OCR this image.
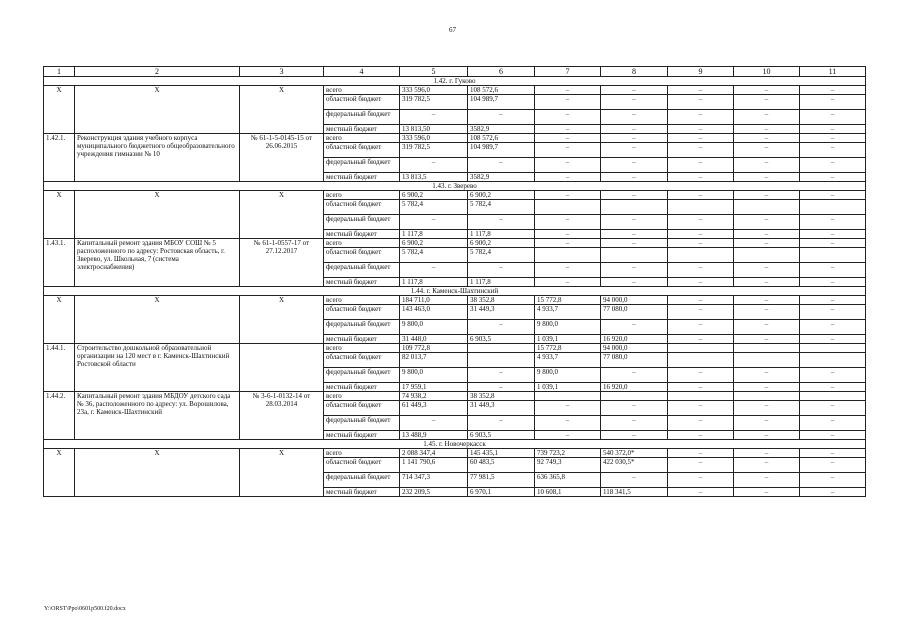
67
1	2	3	4	5	6	7	8	9	10	11
1.42. г. Гуково										
Х	Х	Х	всего	333 596,0	108 572,6	–	–	–	–	–
			областной бюджет	319 782,5	104 989,7	–	–	–	–	–
			федеральный бюджет	–	–	–	–	–	–	–
			местный бюджет	13 813,50	3582,9	–	–	–	–	–
1.42.1.	Реконструкция здания учебного корпуса муниципального бюджетного общеобразовательного учреждения гимназии № 10	№ 61-1-5-0145-15 от 26.06.2015	всего	333 596,0	108 572,6	–	–	–	–	–
			областной бюджет	319 782,5	104 989,7	–	–	–	–	–
			федеральный бюджет	–	–	–	–	–	–	–
			местный бюджет	13 813,5	3582,9	–	–	–	–	–
1.43. г. Зверево										
Х	Х	Х	всего	6 900,2	6 900,2	–	–	–	–	–
			областной бюджет	5 782,4	5 782,4					
			федеральный бюджет	–	–	–	–	–	–	–
			местный бюджет	1 117,8	1 117,8	–	–	–	–	–
1.43.1.	Капитальный ремонт здания МБОУ СОШ № 5 расположенного по адресу: Ростовская область, г. Зверево, ул. Школьная, 7 (система электроснабжения)	№ 61-1-0557-17 от 27.12.2017	всего	6 900,2	6 900,2	–	–	–	–	–
			областной бюджет	5 782,4	5 782,4					
			федеральный бюджет	–	–	–	–	–	–	–
			местный бюджет	1 117,8	1 117,8	–	–	–	–	–
1.44. г. Каменск-Шахтинский										
Х	Х	Х	всего	184 711,0	38 352,8	15 772,8	94 000,0	–	–	–
			областной бюджет	143 463,0	31 449,3	4 933,7	77 080,0	–	–	–
			федеральный бюджет	9 800,0	–	9 800,0	–	–	–	–
			местный бюджет	31 448,0	6 903,5	1 039,1	16 920,0	–	–	–
1.44.1.	Строительство дошкольной образовательной организации на 120 мест в г. Каменск-Шахтинский Ростовской области		всего	109 772,8		15 772,8	94 000,0			
			областной бюджет	82 013,7		4 933,7	77 080,0			
			федеральный бюджет	9 800,0	–	9 800,0	–	–	–	–
			местный бюджет	17 959,1	–	1 039,1	16 920,0	–	–	–
1.44.2.	Капитальный ремонт здания МБДОУ детского сада № 36, расположенного по адресу: ул. Ворошилова, 23а, г. Каменск-Шахтинский	№ 3-6-1-0132-14 от 28.03.2014	всего	74 938,2	38 352,8					
			областной бюджет	61 449,3	31 449,3	–	–	–	–	–
			федеральный бюджет	–	–	–	–	–	–	–
			местный бюджет	13 488,9	6 903,5	–	–	–	–	–
1.45. г. Новочеркасск										
Х	Х	Х	всего	2 088 347,4	145 435,1	739 723,2	540 372,0*	–	–	–
			областной бюджет	1 141 790,6	60 483,5	92 749,3	422 030,5*	–	–	–
			федеральный бюджет	714 347,3	77 981,5	636 365,8	–	–	–	–
			местный бюджет	232 209,5	6 970,1	10 608,1	118 341,5	–	–	–
Y:\ORST\Ppo\0601p500.f20.docx
